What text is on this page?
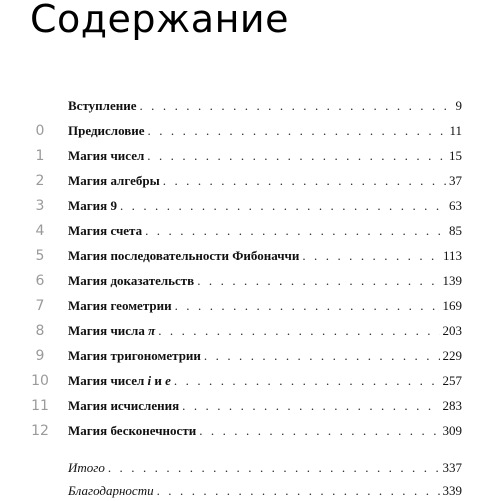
Содержание
Вступление . . .	9
0	Предисловие . . .	11
1	Магия чисел . . .	15
2	Магия алгебры . . .	37
3	Магия 9 . . .	63
4	Магия счета . . .	85
5	Магия последовательности Фибоначчи . . .	113
6	Магия доказательств . . .	139
7	Магия геометрии . . .	169
8	Магия числа π . . .	203
9	Магия тригонометрии . . .	229
10	Магия чисел i и e . . .	257
11	Магия исчисления . . .	283
12	Магия бесконечности . . .	309
Итого . . .	337
Благодарности . . .	339
